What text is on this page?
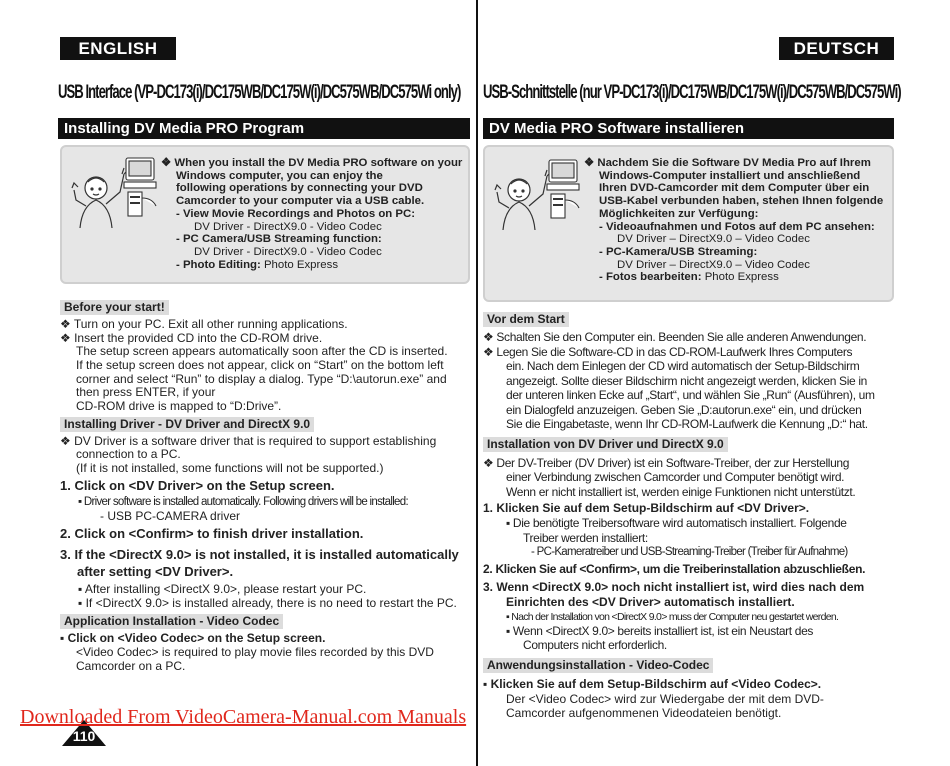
ENGLISH
USB Interface (VP-DC173(i)/DC175WB/DC175W(i)/DC575WB/DC575Wi only)
Installing DV Media PRO Program
❖ When you install the DV Media PRO software on your
Windows computer, you can enjoy the
following operations by connecting your DVD
Camcorder to your computer via a USB cable.
- View Movie Recordings and Photos on PC:
DV Driver - DirectX9.0 - Video Codec
- PC Camera/USB Streaming function:
DV Driver - DirectX9.0 - Video Codec
- Photo Editing: Photo Express
Before your start!
❖ Turn on your PC. Exit all other running applications.
❖ Insert the provided CD into the CD-ROM drive.
The setup screen appears automatically soon after the CD is inserted.
If the setup screen does not appear, click on “Start” on the bottom left
corner and select “Run” to display a dialog. Type “D:\autorun.exe” and
then press ENTER, if your
CD-ROM drive is mapped to “D:Drive”.
Installing Driver - DV Driver and DirectX 9.0
❖ DV Driver is a software driver that is required to support establishing
connection to a PC.
(If it is not installed, some functions will not be supported.)
1. Click on <DV Driver> on the Setup screen.
▪ Driver software is installed automatically. Following drivers will be installed:
- USB PC-CAMERA driver
2. Click on <Confirm> to finish driver installation.
3. If the <DirectX 9.0> is not installed, it is installed automatically
after setting <DV Driver>.
▪ After installing <DirectX 9.0>, please restart your PC.
▪ If <DirectX 9.0> is installed already, there is no need to restart the PC.
Application Installation - Video Codec
▪ Click on <Video Codec> on the Setup screen.
<Video Codec> is required to play movie files recorded by this DVD
Camcorder on a PC.
DEUTSCH
USB-Schnittstelle (nur VP-DC173(i)/DC175WB/DC175W(i)/DC575WB/DC575Wi)
DV Media PRO Software installieren
❖ Nachdem Sie die Software DV Media Pro auf Ihrem
Windows-Computer installiert und anschließend
Ihren DVD-Camcorder mit dem Computer über ein
USB-Kabel verbunden haben, stehen Ihnen folgende
Möglichkeiten zur Verfügung:
- Videoaufnahmen und Fotos auf dem PC ansehen:
DV Driver – DirectX9.0 – Video Codec
- PC-Kamera/USB Streaming:
DV Driver – DirectX9.0 – Video Codec
- Fotos bearbeiten: Photo Express
Vor dem Start
❖ Schalten Sie den Computer ein. Beenden Sie alle anderen Anwendungen.
❖ Legen Sie die Software-CD in das CD-ROM-Laufwerk Ihres Computers
ein. Nach dem Einlegen der CD wird automatisch der Setup-Bildschirm
angezeigt. Sollte dieser Bildschirm nicht angezeigt werden, klicken Sie in
der unteren linken Ecke auf „Start“, und wählen Sie „Run“ (Ausführen), um
ein Dialogfeld anzuzeigen. Geben Sie „D:autorun.exe“ ein, und drücken
Sie die Eingabetaste, wenn Ihr CD-ROM-Laufwerk die Kennung „D:“ hat.
Installation von DV Driver und DirectX 9.0
❖ Der DV-Treiber (DV Driver) ist ein Software-Treiber, der zur Herstellung
einer Verbindung zwischen Camcorder und Computer benötigt wird.
Wenn er nicht installiert ist, werden einige Funktionen nicht unterstützt.
1. Klicken Sie auf dem Setup-Bildschirm auf <DV Driver>.
▪ Die benötigte Treibersoftware wird automatisch installiert. Folgende
Treiber werden installiert:
- PC-Kameratreiber und USB-Streaming-Treiber (Treiber für Aufnahme)
2. Klicken Sie auf <Confirm>, um die Treiberinstallation abzuschließen.
3. Wenn <DirectX 9.0> noch nicht installiert ist, wird dies nach dem
Einrichten des <DV Driver> automatisch installiert.
▪ Nach der Installation von <DirectX 9.0> muss der Computer neu gestartet werden.
▪ Wenn <DirectX 9.0> bereits installiert ist, ist ein Neustart des
Computers nicht erforderlich.
Anwendungsinstallation - Video-Codec
▪ Klicken Sie auf dem Setup-Bildschirm auf <Video Codec>.
Der <Video Codec> wird zur Wiedergabe der mit dem DVD-
Camcorder aufgenommenen Videodateien benötigt.
110
Downloaded From VideoCamera-Manual.com Manuals
